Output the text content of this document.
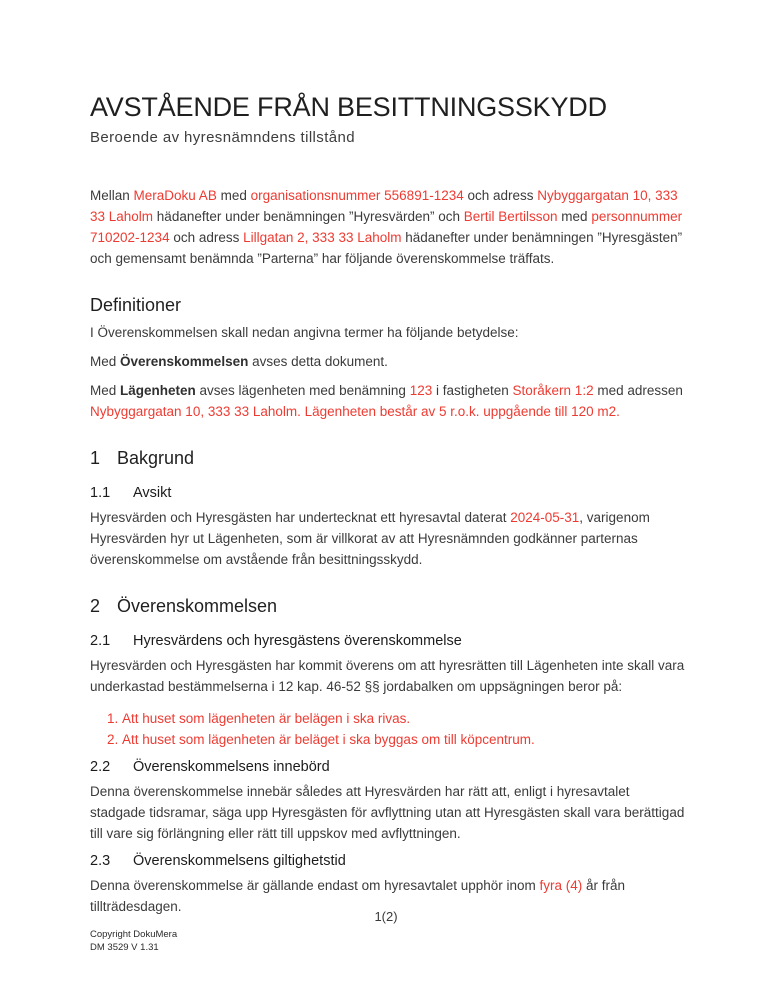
AVSTÅENDE FRÅN BESITTNINGSSKYDD
Beroende av hyresnämndens tillstånd

Mellan MeraDoku AB med organisationsnummer 556891-1234 och adress Nybyggargatan 10, 333 33 Laholm hädanefter under benämningen ”Hyresvärden” och Bertil Bertilsson med personnummer 710202-1234 och adress Lillgatan 2, 333 33 Laholm hädanefter under benämningen ”Hyresgästen” och gemensamt benämnda ”Parterna” har följande överenskommelse träffats.

Definitioner

I Överenskommelsen skall nedan angivna termer ha följande betydelse:

Med Överenskommelsen avses detta dokument.

Med Lägenheten avses lägenheten med benämning 123 i fastigheten Storåkern 1:2 med adressen Nybyggargatan 10, 333 33 Laholm. Lägenheten består av 5 r.o.k. uppgående till 120 m2.

1 Bakgrund
1.1 Avsikt

Hyresvärden och Hyresgästen har undertecknat ett hyresavtal daterat 2024-05-31, varigenom Hyresvärden hyr ut Lägenheten, som är villkorat av att Hyresnämnden godkänner parternas överenskommelse om avstående från besittningsskydd.

2 Överenskommelsen
2.1 Hyresvärdens och hyresgästens överenskommelse

Hyresvärden och Hyresgästen har kommit överens om att hyresrätten till Lägenheten inte skall vara underkastad bestämmelserna i 12 kap. 46-52 §§ jordabalken om uppsägningen beror på:

1. Att huset som lägenheten är belägen i ska rivas.
2. Att huset som lägenheten är beläget i ska byggas om till köpcentrum.
2.2 Överenskommelsens innebörd

Denna överenskommelse innebär således att Hyresvärden har rätt att, enligt i hyresavtalet stadgade tidsramar, säga upp Hyresgästen för avflyttning utan att Hyresgästen skall vara berättigad till vare sig förlängning eller rätt till uppskov med avflyttningen.

2.3 Överenskommelsens giltighetstid

Denna överenskommelse är gällande endast om hyresavtalet upphör inom fyra (4) år från tillträdesdagen.

1(2)
Copyright DokuMera
DM 3529 V 1.31
